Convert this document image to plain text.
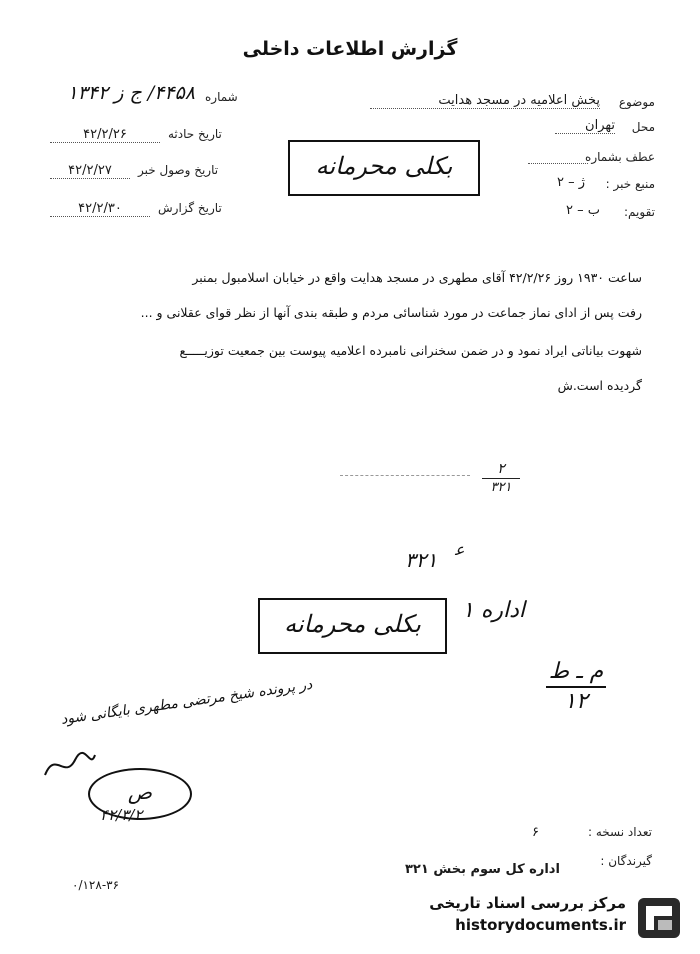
گزارش اطلاعات داخلی
موضوع
پخش اعلامیه در مسجد هدایت
محل
تهران
عطف بشماره
منبع خبر :
ژ – ۲
تقویم:
ب – ۲
بکلی محرمانه
۴۴۵۸/ ج ز ۱۳۴۲ شماره
۴۲/۲/۲۶	تاریخ حادثه
۴۲/۲/۲۷	تاریخ وصول خبر
۴۲/۲/۳۰	تاریخ گزارش
ساعت ۱۹۳۰ روز ۴۲/۲/۲۶ آقای مطهری در مسجد هدایت واقع در خیابان اسلامبول بمنبر
رفت پس از ادای نماز جماعت در مورد شناسائی مردم و طبقه بندی آنها از نظر قوای عقلانی و ...
شهوت بیاناتی ایراد نمود و در ضمن سخنرانی نامبرده اعلامیه پیوست بین جمعیت توزیـــــع
گردیده است.ش
۲
۳۲۱
۳۲۱ ﻋ
بکلی محرمانه	اداره ۱
م ـ ط
۱۲
در پرونده شیخ مرتضی مطهری بایگانی شود
ص
۴۲/۳/۲
تعداد نسخه :
۶
گیرندگان :
اداره کل سوم بخش ۳۲۱
۰/۱۲۸-۳۶
مرکز بررسی اسناد تاریخی
historydocuments.ir
